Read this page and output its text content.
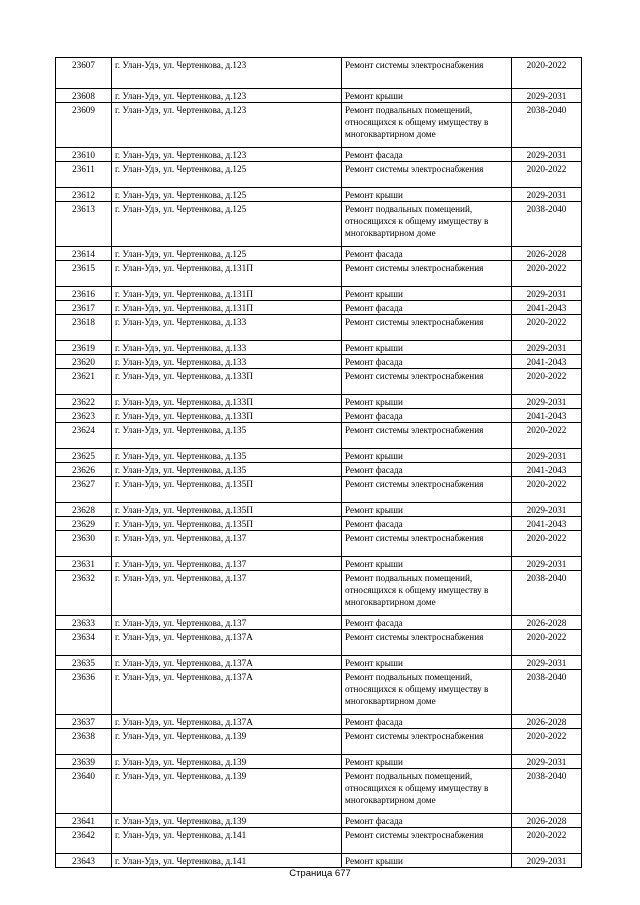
23607	г. Улан-Удэ, ул. Чертенкова, д.123	Ремонт системы электроснабжения	2020-2022
23608	г. Улан-Удэ, ул. Чертенкова, д.123	Ремонт крыши	2029-2031
23609	г. Улан-Удэ, ул. Чертенкова, д.123	Ремонт подвальных помещений, относящихся к общему имуществу в многоквартирном доме	2038-2040
23610	г. Улан-Удэ, ул. Чертенкова, д.123	Ремонт фасада	2029-2031
23611	г. Улан-Удэ, ул. Чертенкова, д.125	Ремонт системы электроснабжения	2020-2022
23612	г. Улан-Удэ, ул. Чертенкова, д.125	Ремонт крыши	2029-2031
23613	г. Улан-Удэ, ул. Чертенкова, д.125	Ремонт подвальных помещений, относящихся к общему имуществу в многоквартирном доме	2038-2040
23614	г. Улан-Удэ, ул. Чертенкова, д.125	Ремонт фасада	2026-2028
23615	г. Улан-Удэ, ул. Чертенкова, д.131П	Ремонт системы электроснабжения	2020-2022
23616	г. Улан-Удэ, ул. Чертенкова, д.131П	Ремонт крыши	2029-2031
23617	г. Улан-Удэ, ул. Чертенкова, д.131П	Ремонт фасада	2041-2043
23618	г. Улан-Удэ, ул. Чертенкова, д.133	Ремонт системы электроснабжения	2020-2022
23619	г. Улан-Удэ, ул. Чертенкова, д.133	Ремонт крыши	2029-2031
23620	г. Улан-Удэ, ул. Чертенкова, д.133	Ремонт фасада	2041-2043
23621	г. Улан-Удэ, ул. Чертенкова, д.133П	Ремонт системы электроснабжения	2020-2022
23622	г. Улан-Удэ, ул. Чертенкова, д.133П	Ремонт крыши	2029-2031
23623	г. Улан-Удэ, ул. Чертенкова, д.133П	Ремонт фасада	2041-2043
23624	г. Улан-Удэ, ул. Чертенкова, д.135	Ремонт системы электроснабжения	2020-2022
23625	г. Улан-Удэ, ул. Чертенкова, д.135	Ремонт крыши	2029-2031
23626	г. Улан-Удэ, ул. Чертенкова, д.135	Ремонт фасада	2041-2043
23627	г. Улан-Удэ, ул. Чертенкова, д.135П	Ремонт системы электроснабжения	2020-2022
23628	г. Улан-Удэ, ул. Чертенкова, д.135П	Ремонт крыши	2029-2031
23629	г. Улан-Удэ, ул. Чертенкова, д.135П	Ремонт фасада	2041-2043
23630	г. Улан-Удэ, ул. Чертенкова, д.137	Ремонт системы электроснабжения	2020-2022
23631	г. Улан-Удэ, ул. Чертенкова, д.137	Ремонт крыши	2029-2031
23632	г. Улан-Удэ, ул. Чертенкова, д.137	Ремонт подвальных помещений, относящихся к общему имуществу в многоквартирном доме	2038-2040
23633	г. Улан-Удэ, ул. Чертенкова, д.137	Ремонт фасада	2026-2028
23634	г. Улан-Удэ, ул. Чертенкова, д.137А	Ремонт системы электроснабжения	2020-2022
23635	г. Улан-Удэ, ул. Чертенкова, д.137А	Ремонт крыши	2029-2031
23636	г. Улан-Удэ, ул. Чертенкова, д.137А	Ремонт подвальных помещений, относящихся к общему имуществу в многоквартирном доме	2038-2040
23637	г. Улан-Удэ, ул. Чертенкова, д.137А	Ремонт фасада	2026-2028
23638	г. Улан-Удэ, ул. Чертенкова, д.139	Ремонт системы электроснабжения	2020-2022
23639	г. Улан-Удэ, ул. Чертенкова, д.139	Ремонт крыши	2029-2031
23640	г. Улан-Удэ, ул. Чертенкова, д.139	Ремонт подвальных помещений, относящихся к общему имуществу в многоквартирном доме	2038-2040
23641	г. Улан-Удэ, ул. Чертенкова, д.139	Ремонт фасада	2026-2028
23642	г. Улан-Удэ, ул. Чертенкова, д.141	Ремонт системы электроснабжения	2020-2022
23643	г. Улан-Удэ, ул. Чертенкова, д.141	Ремонт крыши	2029-2031
Страница 677
